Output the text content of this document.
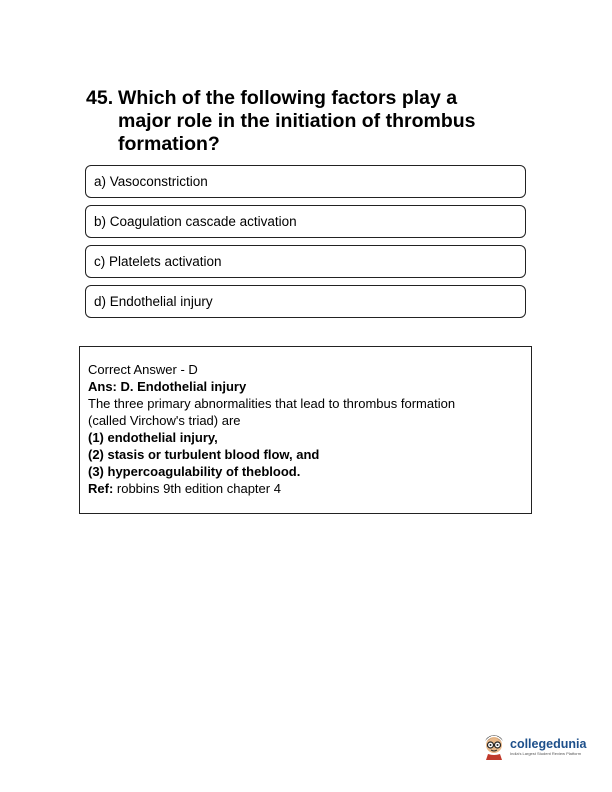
45. Which of the following factors play a major role in the initiation of thrombus formation?
a) Vasoconstriction
b) Coagulation cascade activation
c) Platelets activation
d) Endothelial injury
Correct Answer - D
Ans: D. Endothelial injury
The three primary abnormalities that lead to thrombus formation
(called Virchow's triad) are
(1) endothelial injury,
(2) stasis or turbulent blood flow, and
(3) hypercoagulability of theblood.
Ref: robbins 9th edition chapter 4
collegedunia
India's Largest Student Review Platform
